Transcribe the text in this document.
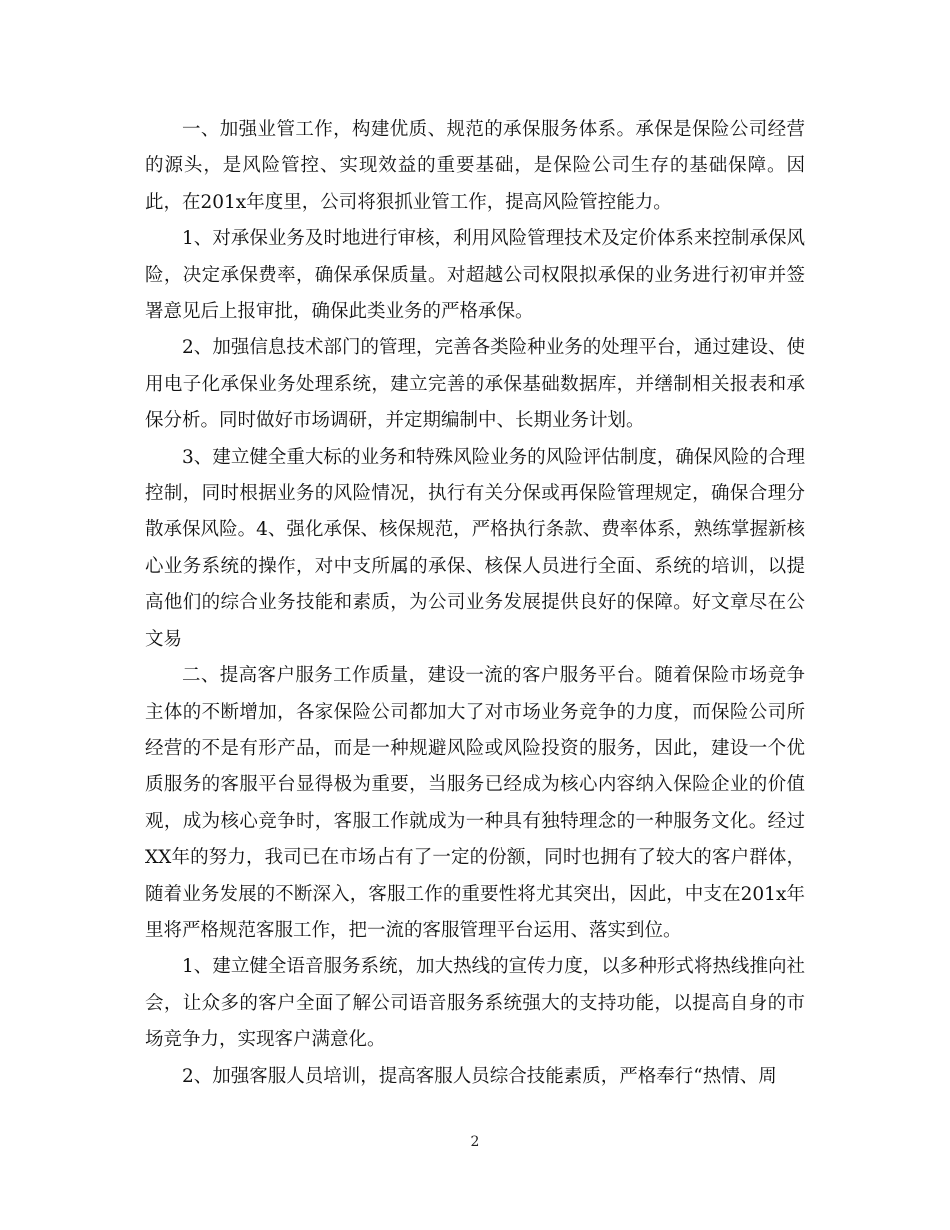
一、加强业管工作，构建优质、规范的承保服务体系。承保是保险公司经营的源头，是风险管控、实现效益的重要基础，是保险公司生存的基础保障。因此，在201x年度里，公司将狠抓业管工作，提高风险管控能力。

1、对承保业务及时地进行审核，利用风险管理技术及定价体系来控制承保风险，决定承保费率，确保承保质量。对超越公司权限拟承保的业务进行初审并签署意见后上报审批，确保此类业务的严格承保。

2、加强信息技术部门的管理，完善各类险种业务的处理平台，通过建设、使用电子化承保业务处理系统，建立完善的承保基础数据库，并缮制相关报表和承保分析。同时做好市场调研，并定期编制中、长期业务计划。

3、建立健全重大标的业务和特殊风险业务的风险评估制度，确保风险的合理控制，同时根据业务的风险情况，执行有关分保或再保险管理规定，确保合理分散承保风险。4、强化承保、核保规范，严格执行条款、费率体系，熟练掌握新核心业务系统的操作，对中支所属的承保、核保人员进行全面、系统的培训，以提高他们的综合业务技能和素质，为公司业务发展提供良好的保障。好文章尽在公文易

二、提高客户服务工作质量，建设一流的客户服务平台。随着保险市场竞争主体的不断增加，各家保险公司都加大了对市场业务竞争的力度，而保险公司所经营的不是有形产品，而是一种规避风险或风险投资的服务，因此，建设一个优质服务的客服平台显得极为重要，当服务已经成为核心内容纳入保险企业的价值观，成为核心竞争时，客服工作就成为一种具有独特理念的一种服务文化。经过XX年的努力，我司已在市场占有了一定的份额，同时也拥有了较大的客户群体，随着业务发展的不断深入，客服工作的重要性将尤其突出，因此，中支在201x年里将严格规范客服工作，把一流的客服管理平台运用、落实到位。

1、建立健全语音服务系统，加大热线的宣传力度，以多种形式将热线推向社会，让众多的客户全面了解公司语音服务系统强大的支持功能，以提高自身的市场竞争力，实现客户满意化。

2、加强客服人员培训，提高客服人员综合技能素质，严格奉行“热情、周

2
